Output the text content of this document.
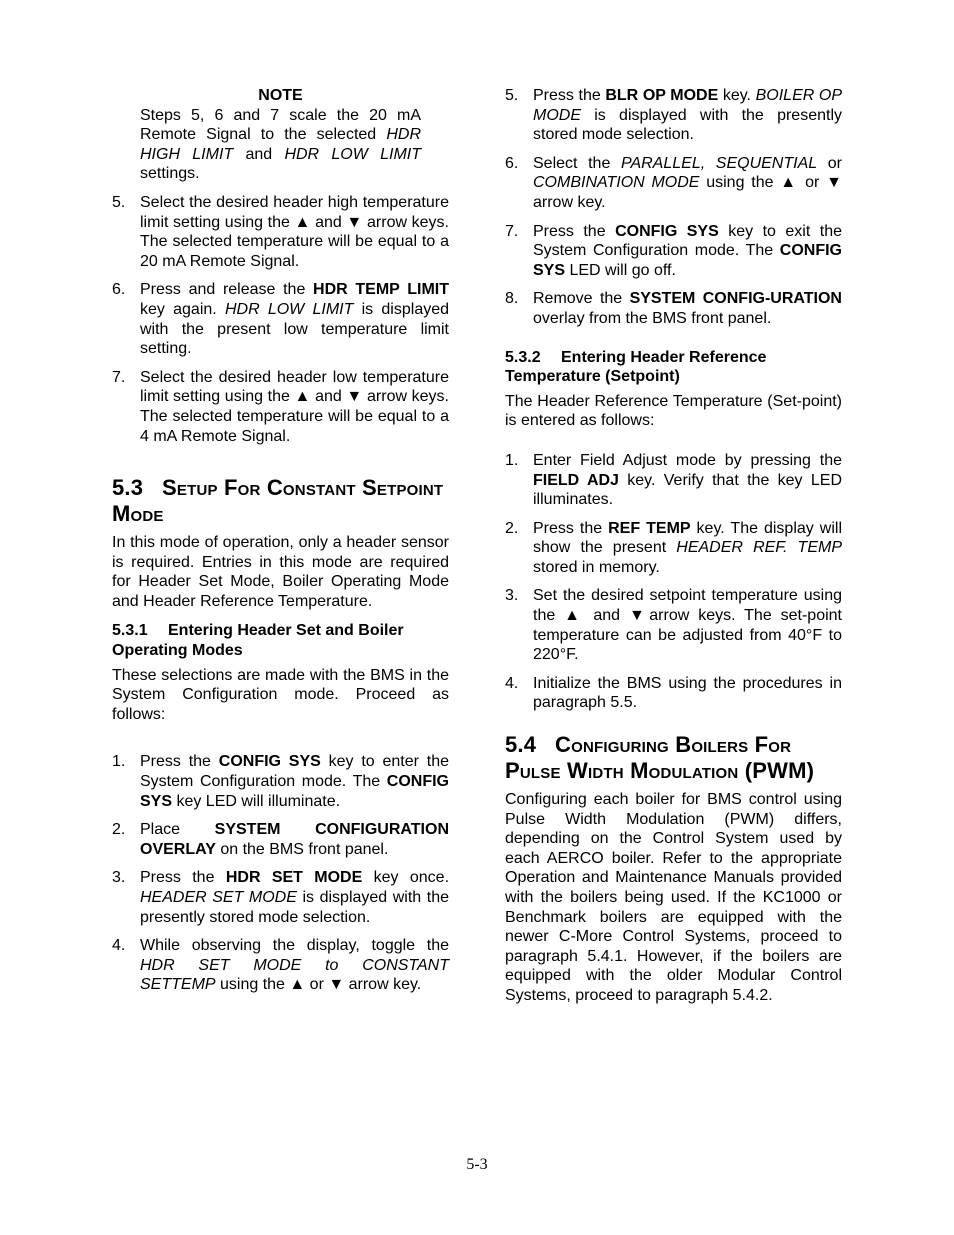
NOTE

Steps 5, 6 and 7 scale the 20 mA Remote Signal to the selected HDR HIGH LIMIT and HDR LOW LIMIT settings.

5. Select the desired header high temperature limit setting using the ▲ and ▼ arrow keys. The selected temperature will be equal to a 20 mA Remote Signal.
6. Press and release the HDR TEMP LIMIT key again. HDR LOW LIMIT is displayed with the present low temperature limit setting.
7. Select the desired header low temperature limit setting using the ▲ and ▼ arrow keys. The selected temperature will be equal to a 4 mA Remote Signal.
5.3 Setup For Constant Setpoint Mode

In this mode of operation, only a header sensor is required. Entries in this mode are required for Header Set Mode, Boiler Operating Mode and Header Reference Temperature.

5.3.1 Entering Header Set and Boiler Operating Modes

These selections are made with the BMS in the System Configuration mode. Proceed as follows:

1. Press the CONFIG SYS key to enter the System Configuration mode. The CONFIG SYS key LED will illuminate.
2. Place SYSTEM CONFIGURATION OVERLAY on the BMS front panel.
3. Press the HDR SET MODE key once. HEADER SET MODE is displayed with the presently stored mode selection.
4. While observing the display, toggle the HDR SET MODE to CONSTANT SETTEMP using the ▲ or ▼ arrow key.
5. Press the BLR OP MODE key. BOILER OP MODE is displayed with the presently stored mode selection.
6. Select the PARALLEL, SEQUENTIAL or COMBINATION MODE using the ▲ or ▼ arrow key.
7. Press the CONFIG SYS key to exit the System Configuration mode. The CONFIG SYS LED will go off.
8. Remove the SYSTEM CONFIG-URATION overlay from the BMS front panel.
5.3.2 Entering Header Reference Temperature (Setpoint)

The Header Reference Temperature (Set-point) is entered as follows:

1. Enter Field Adjust mode by pressing the FIELD ADJ key. Verify that the key LED illuminates.
2. Press the REF TEMP key. The display will show the present HEADER REF. TEMP stored in memory.
3. Set the desired setpoint temperature using the ▲ and ▼arrow keys. The set-point temperature can be adjusted from 40°F to 220°F.
4. Initialize the BMS using the procedures in paragraph 5.5.
5.4 Configuring Boilers For Pulse Width Modulation (PWM)

Configuring each boiler for BMS control using Pulse Width Modulation (PWM) differs, depending on the Control System used by each AERCO boiler. Refer to the appropriate Operation and Maintenance Manuals provided with the boilers being used. If the KC1000 or Benchmark boilers are equipped with the newer C-More Control Systems, proceed to paragraph 5.4.1. However, if the boilers are equipped with the older Modular Control Systems, proceed to paragraph 5.4.2.

5-3
